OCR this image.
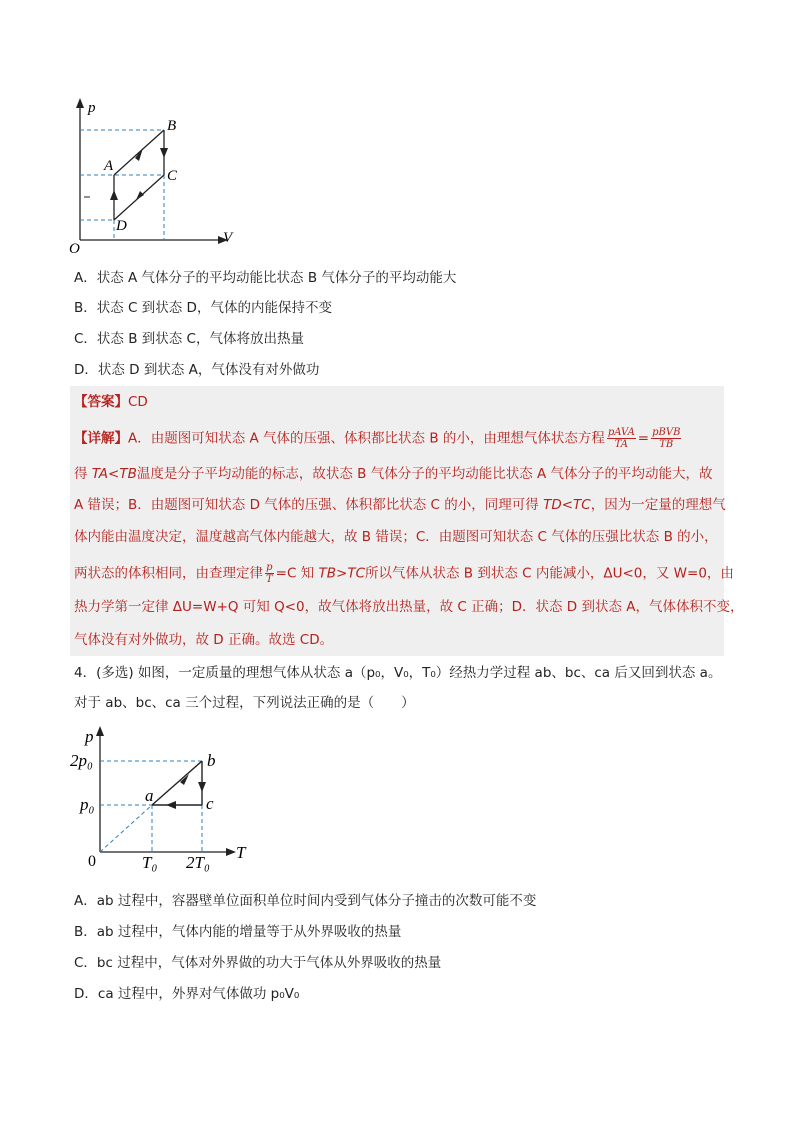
p
V
O
A
B
C
D
A．状态 A 气体分子的平均动能比状态 B 气体分子的平均动能大
B．状态 C 到状态 D，气体的内能保持不变
C．状态 B 到状态 C，气体将放出热量
D．状态 D 到状态 A，气体没有对外做功
【答案】CD
【详解】A．由题图可知状态 A 气体的压强、体积都比状态 B 的小，由理想气体状态方程 $\frac{\text{pAVA}}{TA} = \frac{\text{pBVB}}{TB}$
得 TA<TB温度是分子平均动能的标志，故状态 B 气体分子的平均动能比状态 A 气体分子的平均动能大，故
A 错误；B．由题图可知状态 D 气体的压强、体积都比状态 C 的小，同理可得 TD<TC，因为一定量的理想气
体内能由温度决定，温度越高气体内能越大，故 B 错误；C．由题图可知状态 C 气体的压强比状态 B 的小，
两状态的体积相同，由查理定律 $\frac{p}{T} =C$ 知 TB>TC所以气体从状态 B 到状态 C 内能减小，ΔU<0，又 W=0，由
热力学第一定律 ΔU=W+Q 可知 Q<0，故气体将放出热量，故 C 正确；D．状态 D 到状态 A，气体体积不变，
气体没有对外做功，故 D 正确。故选 CD。
4．(多选) 如图，一定质量的理想气体从状态 a（p₀，V₀，T₀）经热力学过程 ab、bc、ca 后又回到状态 a。
对于 ab、bc、ca 三个过程，下列说法正确的是（　　）
p
T
0
p₀
2p₀
T₀ 2T₀
a
b
c
A．ab 过程中，容器壁单位面积单位时间内受到气体分子撞击的次数可能不变
B．ab 过程中，气体内能的增量等于从外界吸收的热量
C．bc 过程中，气体对外界做的功大于气体从外界吸收的热量
D．ca 过程中，外界对气体做功 p₀V₀
